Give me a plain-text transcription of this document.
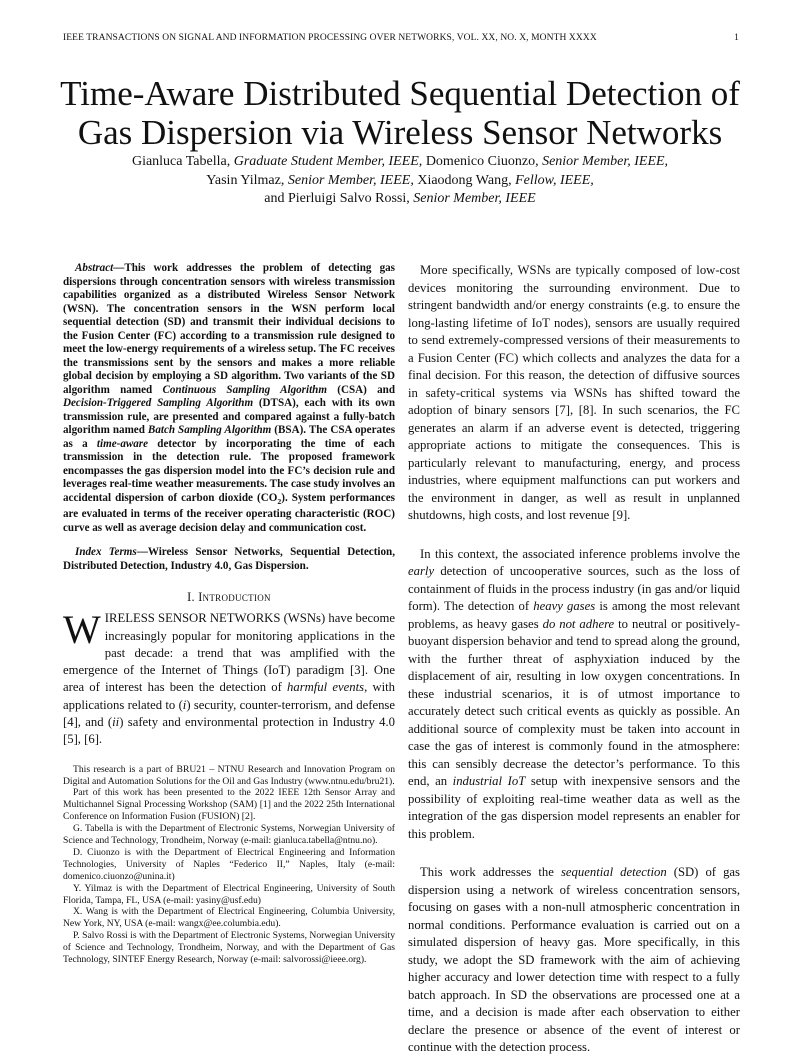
IEEE TRANSACTIONS ON SIGNAL AND INFORMATION PROCESSING OVER NETWORKS, VOL. XX, NO. X, MONTH XXXX	1
Time-Aware Distributed Sequential Detection of
Gas Dispersion via Wireless Sensor Networks
Gianluca Tabella, Graduate Student Member, IEEE, Domenico Ciuonzo, Senior Member, IEEE,
Yasin Yilmaz, Senior Member, IEEE, Xiaodong Wang, Fellow, IEEE,
and Pierluigi Salvo Rossi, Senior Member, IEEE

Abstract—This work addresses the problem of detecting gas dispersions through concentration sensors with wireless transmission capabilities organized as a distributed Wireless Sensor Network (WSN). The concentration sensors in the WSN perform local sequential detection (SD) and transmit their individual decisions to the Fusion Center (FC) according to a transmission rule designed to meet the low-energy requirements of a wireless setup. The FC receives the transmissions sent by the sensors and makes a more reliable global decision by employing a SD algorithm. Two variants of the SD algorithm named Continuous Sampling Algorithm (CSA) and Decision-Triggered Sampling Algorithm (DTSA), each with its own transmission rule, are presented and compared against a fully-batch algorithm named Batch Sampling Algorithm (BSA). The CSA operates as a time-aware detector by incorporating the time of each transmission in the detection rule. The proposed framework encompasses the gas dispersion model into the FC’s decision rule and leverages real-time weather measurements. The case study involves an accidental dispersion of carbon dioxide $(CO_2)$. System performances are evaluated in terms of the receiver operating characteristic (ROC) curve as well as average decision delay and communication cost.

Index Terms—Wireless Sensor Networks, Sequential Detection, Distributed Detection, Industry 4.0, Gas Dispersion.

I. Introduction

WIRELESS SENSOR NETWORKS (WSNs) have become increasingly popular for monitoring applications in the past decade: a trend that was amplified with the emergence of the Internet of Things (IoT) paradigm [3]. One area of interest has been the detection of harmful events, with applications related to (i) security, counter-terrorism, and defense [4], and (ii) safety and environmental protection in Industry 4.0 [5], [6].

This research is a part of BRU21 – NTNU Research and Innovation Program on Digital and Automation Solutions for the Oil and Gas Industry (www.ntnu.edu/bru21).

Part of this work has been presented to the 2022 IEEE 12th Sensor Array and Multichannel Signal Processing Workshop (SAM) [1] and the 2022 25th International Conference on Information Fusion (FUSION) [2].

G. Tabella is with the Department of Electronic Systems, Norwegian University of Science and Technology, Trondheim, Norway (e-mail: gianluca.tabella@ntnu.no).

D. Ciuonzo is with the Department of Electrical Engineering and Information Technologies, University of Naples “Federico II,” Naples, Italy (e-mail: domenico.ciuonzo@unina.it)

Y. Yilmaz is with the Department of Electrical Engineering, University of South Florida, Tampa, FL, USA (e-mail: yasiny@usf.edu)

X. Wang is with the Department of Electrical Engineering, Columbia University, New York, NY, USA (e-mail: wangx@ee.columbia.edu).

P. Salvo Rossi is with the Department of Electronic Systems, Norwegian University of Science and Technology, Trondheim, Norway, and with the Department of Gas Technology, SINTEF Energy Research, Norway (e-mail: salvorossi@ieee.org).

More specifically, WSNs are typically composed of low-cost devices monitoring the surrounding environment. Due to stringent bandwidth and/or energy constraints (e.g. to ensure the long-lasting lifetime of IoT nodes), sensors are usually required to send extremely-compressed versions of their measurements to a Fusion Center (FC) which collects and analyzes the data for a final decision. For this reason, the detection of diffusive sources in safety-critical systems via WSNs has shifted toward the adoption of binary sensors [7], [8]. In such scenarios, the FC generates an alarm if an adverse event is detected, triggering appropriate actions to mitigate the consequences. This is particularly relevant to manufacturing, energy, and process industries, where equipment malfunctions can put workers and the environment in danger, as well as result in unplanned shutdowns, high costs, and lost revenue [9].

In this context, the associated inference problems involve the early detection of uncooperative sources, such as the loss of containment of fluids in the process industry (in gas and/or liquid form). The detection of heavy gases is among the most relevant problems, as heavy gases do not adhere to neutral or positively-buoyant dispersion behavior and tend to spread along the ground, with the further threat of asphyxiation induced by the displacement of air, resulting in low oxygen concentrations. In these industrial scenarios, it is of utmost importance to accurately detect such critical events as quickly as possible. An additional source of complexity must be taken into account in case the gas of interest is commonly found in the atmosphere: this can sensibly decrease the detector’s performance. To this end, an industrial IoT setup with inexpensive sensors and the possibility of exploiting real-time weather data as well as the integration of the gas dispersion model represents an enabler for this problem.

This work addresses the sequential detection (SD) of gas dispersion using a network of wireless concentration sensors, focusing on gases with a non-null atmospheric concentration in normal conditions. Performance evaluation is carried out on a simulated dispersion of heavy gas. More specifically, in this study, we adopt the SD framework with the aim of achieving higher accuracy and lower detection time with respect to a fully batch approach. In SD the observations are processed one at a time, and a decision is made after each observation to either declare the presence or absence of the event of interest or continue with the detection process.
